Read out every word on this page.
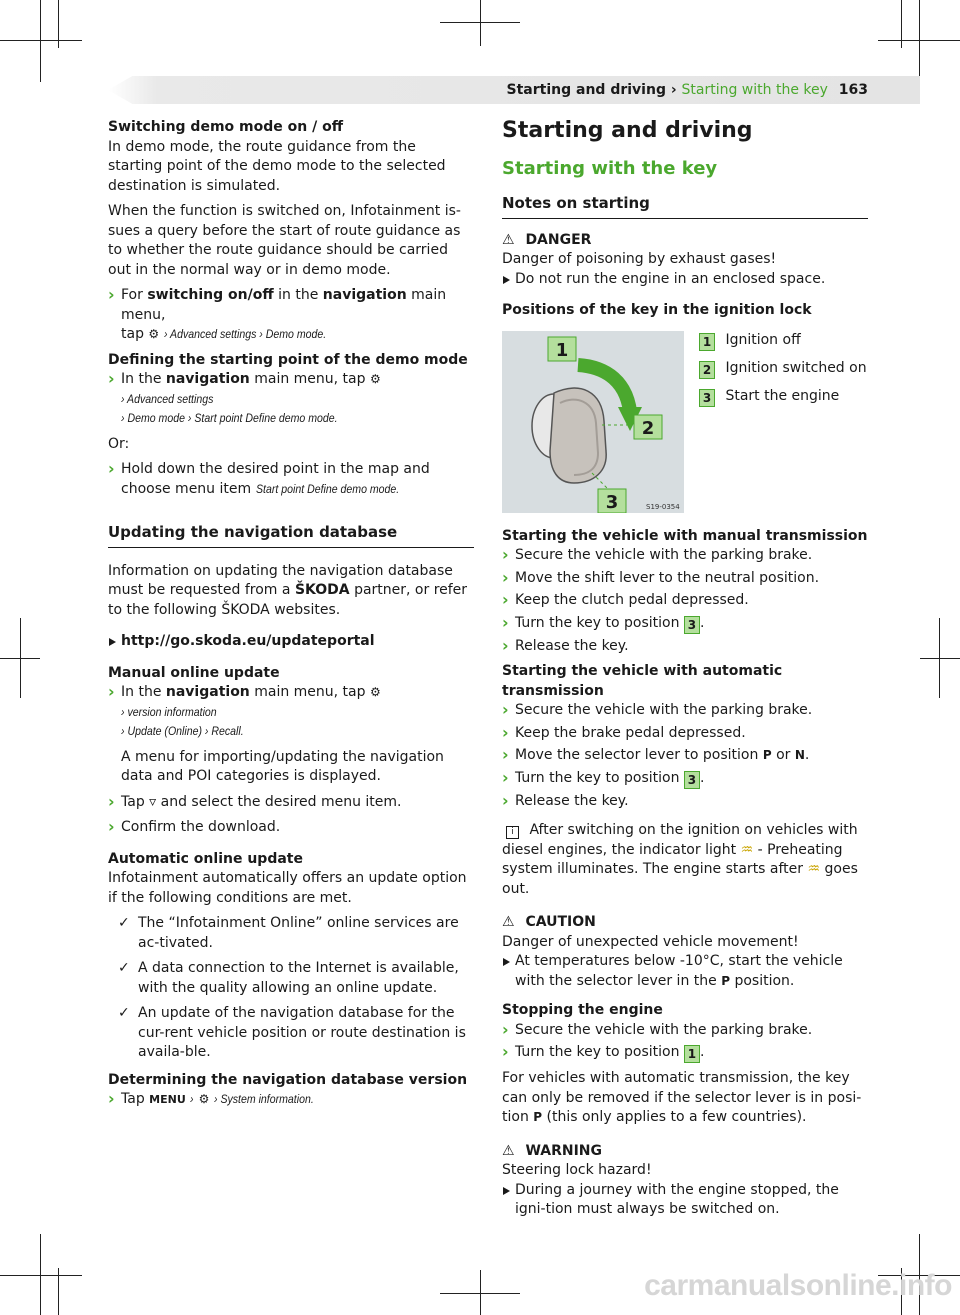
Starting and driving › Starting with the key 163

Switching demo mode on / off

In demo mode, the route guidance from the starting point of the demo mode to the selected destination is simulated.

When the function is switched on, Infotainment is-sues a query before the start of route guidance as to whether the route guidance should be carried out in the normal way or in demo mode.

› For switching on/off in the navigation main menu,
tap ⚙ › Advanced settings › Demo mode.

Defining the starting point of the demo mode

› In the navigation main menu, tap ⚙ › Advanced settings
› Demo mode › Start point Define demo mode.

Or:

› Hold down the desired point in the map and choose menu item Start point Define demo mode.
Updating the navigation database

Information on updating the navigation database must be requested from a ŠKODA partner, or refer to the following ŠKODA websites.

http://go.skoda.eu/updateportal

Manual online update

› In the navigation main menu, tap ⚙ › version information
› Update (Online) › Recall.

A menu for importing/updating the navigation data and POI categories is displayed.

› Tap ▿ and select the desired menu item.
› Confirm the download.

Automatic online update

Infotainment automatically offers an update option if the following conditions are met.

✓ The “Infotainment Online” online services are ac-tivated.
✓ A data connection to the Internet is available, with the quality allowing an online update.
✓ An update of the navigation database for the cur-rent vehicle position or route destination is availa-ble.

Determining the navigation database version

› Tap MENU › ⚙ › System information.
Starting and driving
Starting with the key
Notes on starting

⚠ DANGER

Danger of poisoning by exhaust gases!

Do not run the engine in an enclosed space.

Positions of the key in the ignition lock

1
2
3	S19-0354
1 Ignition off
2 Ignition switched on
3 Start the engine

Starting the vehicle with manual transmission

› Secure the vehicle with the parking brake.
› Move the shift lever to the neutral position.
› Keep the clutch pedal depressed.
› Turn the key to position 3 .
› Release the key.

Starting the vehicle with automatic transmission

› Secure the vehicle with the parking brake.
› Keep the brake pedal depressed.
› Move the selector lever to position P or N.
› Turn the key to position 3 .
› Release the key.

i After switching on the ignition on vehicles with diesel engines, the indicator light ♒ - Preheating system illuminates. The engine starts after ♒ goes out.

⚠ CAUTION

Danger of unexpected vehicle movement!

At temperatures below -10°C, start the vehicle with the selector lever in the P position.

Stopping the engine

› Secure the vehicle with the parking brake.
› Turn the key to position 1 .

For vehicles with automatic transmission, the key can only be removed if the selector lever is in posi-tion P (this only applies to a few countries).

⚠ WARNING

Steering lock hazard!

During a journey with the engine stopped, the igni-tion must always be switched on.
carmanualsonline.info
